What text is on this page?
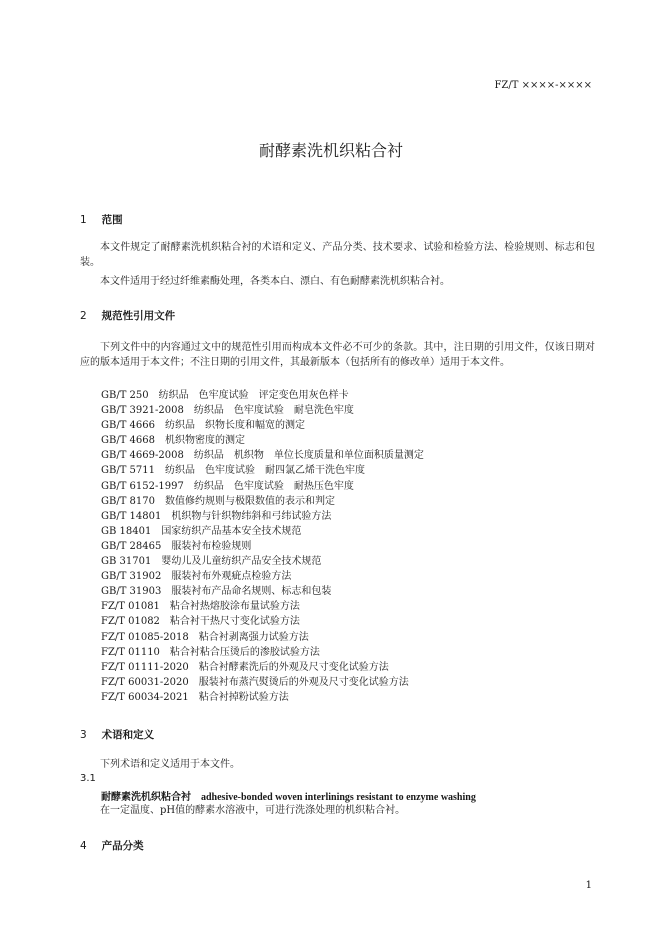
FZ/T ××××-××××
耐酵素洗机织粘合衬
1 范围
本文件规定了耐酵素洗机织粘合衬的术语和定义、产品分类、技术要求、试验和检验方法、检验规则、标志和包装。
本文件适用于经过纤维素酶处理，各类本白、漂白、有色耐酵素洗机织粘合衬。
2 规范性引用文件
下列文件中的内容通过文中的规范性引用而构成本文件必不可少的条款。其中，注日期的引用文件，仅该日期对应的版本适用于本文件；不注日期的引用文件，其最新版本（包括所有的修改单）适用于本文件。
GB/T 250 纺织品　色牢度试验　评定变色用灰色样卡
GB/T 3921-2008 纺织品　色牢度试验　耐皂洗色牢度
GB/T 4666 纺织品　织物长度和幅宽的测定
GB/T 4668 机织物密度的测定
GB/T 4669-2008 纺织品　机织物　单位长度质量和单位面积质量测定
GB/T 5711 纺织品　色牢度试验　耐四氯乙烯干洗色牢度
GB/T 6152-1997 纺织品　色牢度试验　耐热压色牢度
GB/T 8170 数值修约规则与极限数值的表示和判定
GB/T 14801 机织物与针织物纬斜和弓纬试验方法
GB 18401 国家纺织产品基本安全技术规范
GB/T 28465 服装衬布检验规则
GB 31701 婴幼儿及儿童纺织产品安全技术规范
GB/T 31902 服装衬布外观疵点检验方法
GB/T 31903 服装衬布产品命名规则、标志和包装
FZ/T 01081 粘合衬热熔胶涂布量试验方法
FZ/T 01082 粘合衬干热尺寸变化试验方法
FZ/T 01085-2018 粘合衬剥离强力试验方法
FZ/T 01110 粘合衬粘合压烫后的渗胶试验方法
FZ/T 01111-2020 粘合衬酵素洗后的外观及尺寸变化试验方法
FZ/T 60031-2020 服装衬布蒸汽熨烫后的外观及尺寸变化试验方法
FZ/T 60034-2021 粘合衬掉粉试验方法
3 术语和定义
下列术语和定义适用于本文件。
3.1
耐酵素洗机织粘合衬 adhesive-bonded woven interlinings resistant to enzyme washing
在一定温度、pH值的酵素水溶液中，可进行洗涤处理的机织粘合衬。
4 产品分类
1
